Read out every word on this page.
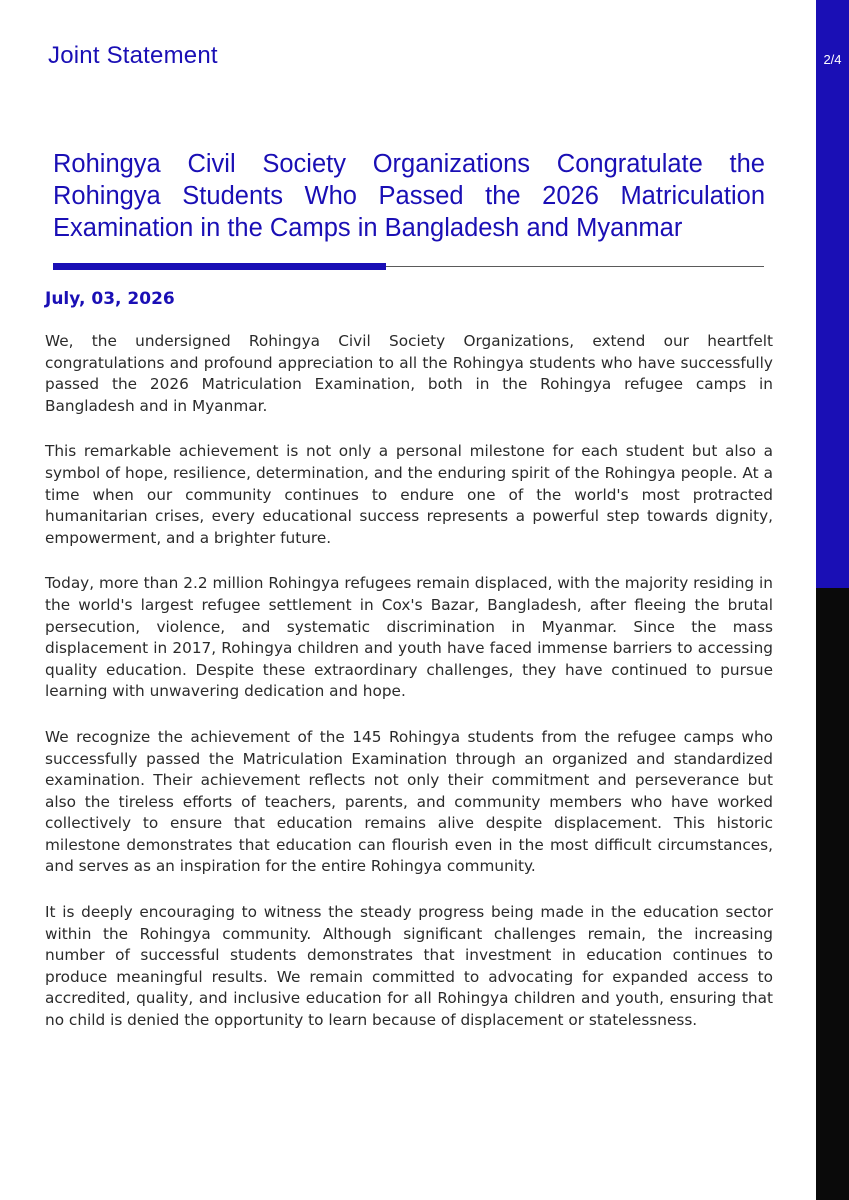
2/4
Joint Statement
Rohingya Civil Society Organizations Congratulate the Rohingya Students Who Passed the 2026 Matriculation Examination in the Camps in Bangladesh and Myanmar
July, 03, 2026

We, the undersigned Rohingya Civil Society Organizations, extend our heartfelt congratulations and profound appreciation to all the Rohingya students who have successfully passed the 2026 Matriculation Examination, both in the Rohingya refugee camps in Bangladesh and in Myanmar.

This remarkable achievement is not only a personal milestone for each student but also a symbol of hope, resilience, determination, and the enduring spirit of the Rohingya people. At a time when our community continues to endure one of the world's most protracted humanitarian crises, every educational success represents a powerful step towards dignity, empowerment, and a brighter future.

Today, more than 2.2 million Rohingya refugees remain displaced, with the majority residing in the world's largest refugee settlement in Cox's Bazar, Bangladesh, after fleeing the brutal persecution, violence, and systematic discrimination in Myanmar. Since the mass displacement in 2017, Rohingya children and youth have faced immense barriers to accessing quality education. Despite these extraordinary challenges, they have continued to pursue learning with unwavering dedication and hope.

We recognize the achievement of the 145 Rohingya students from the refugee camps who successfully passed the Matriculation Examination through an organized and standardized examination. Their achievement reflects not only their commitment and perseverance but also the tireless efforts of teachers, parents, and community members who have worked collectively to ensure that education remains alive despite displacement. This historic milestone demonstrates that education can flourish even in the most difficult circumstances, and serves as an inspiration for the entire Rohingya community.

It is deeply encouraging to witness the steady progress being made in the education sector within the Rohingya community. Although significant challenges remain, the increasing number of successful students demonstrates that investment in education continues to produce meaningful results. We remain committed to advocating for expanded access to accredited, quality, and inclusive education for all Rohingya children and youth, ensuring that no child is denied the opportunity to learn because of displacement or statelessness.
